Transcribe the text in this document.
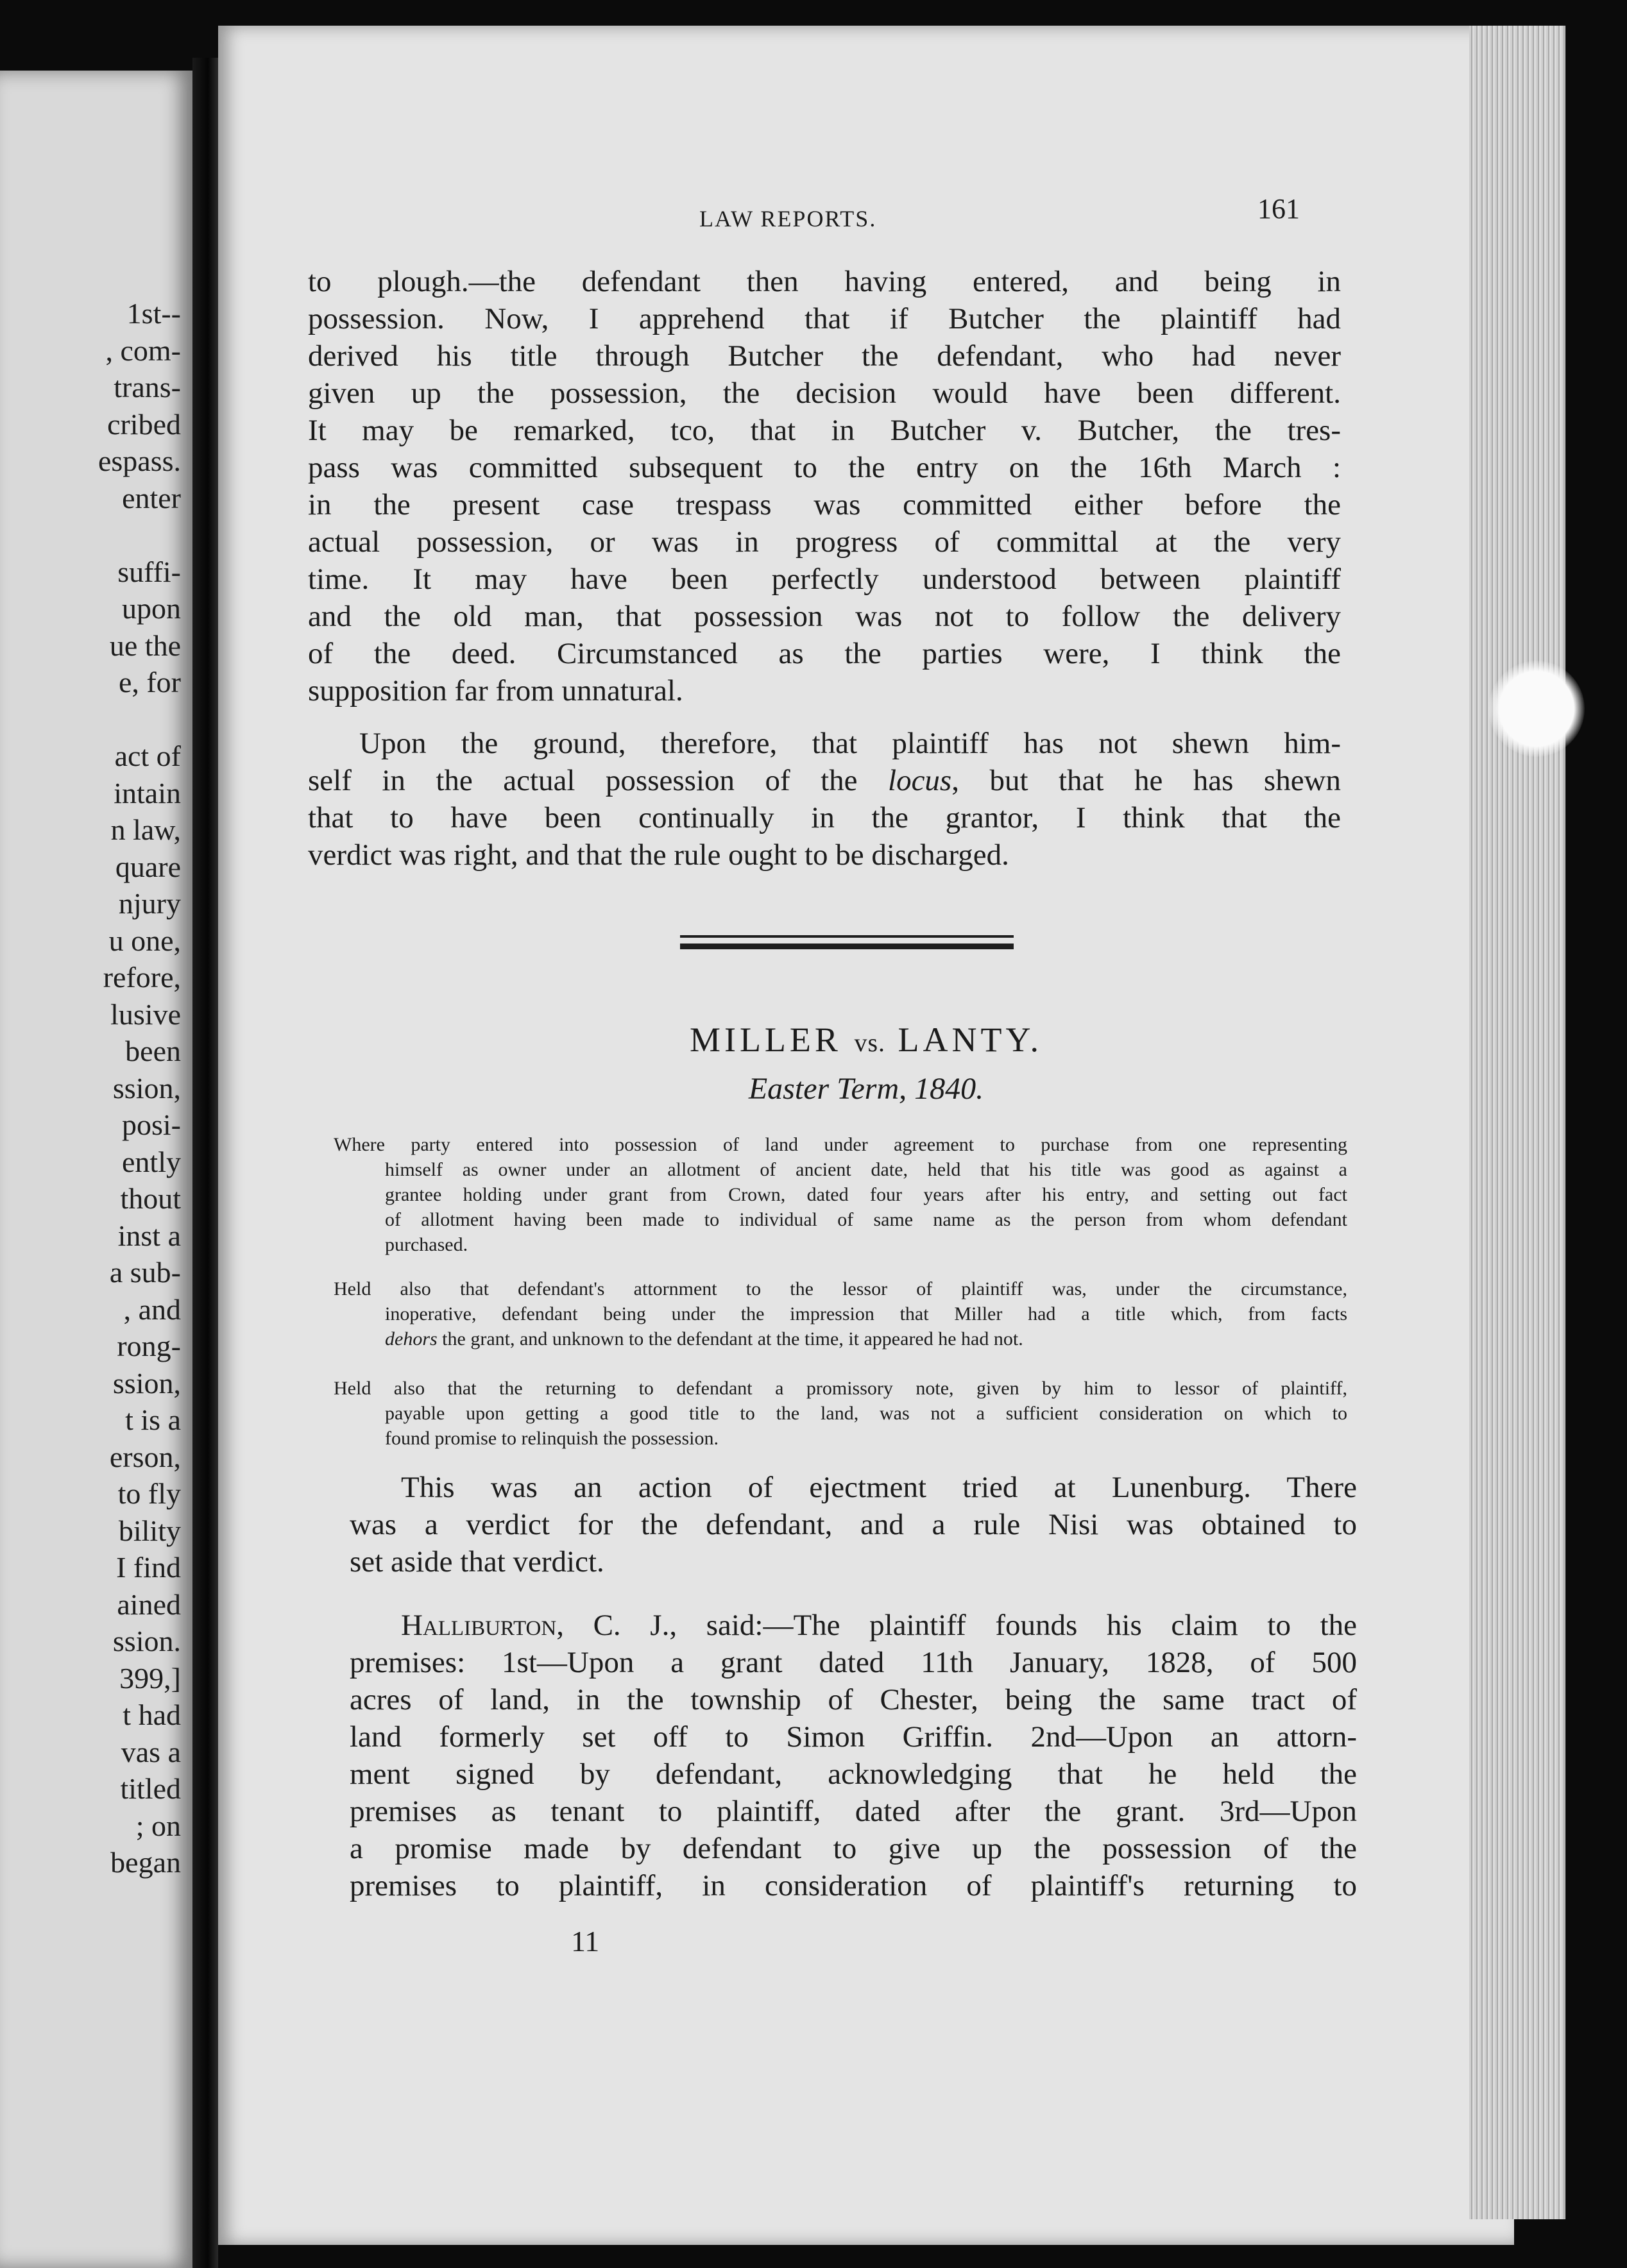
1st--
, com-
trans-
cribed
espass.
enter
suffi-
upon
ue the
e, for
act of
intain
n law,
quare
njury
u one,
refore,
lusive
been
ssion,
posi-
ently
thout
inst a
a sub-
, and
rong-
ssion,
t is a
erson,
to fly
bility
I find
ained
ssion.
399,]
t had
vas a
titled
; on
began
LAW REPORTS.	161
to plough.—the defendant then having entered, and being in
possession. Now, I apprehend that if Butcher the plaintiff had
derived his title through Butcher the defendant, who had never
given up the possession, the decision would have been different.
It may be remarked, tco, that in Butcher v. Butcher, the tres-
pass was committed subsequent to the entry on the 16th March :
in the present case trespass was committed either before the
actual possession, or was in progress of committal at the very
time. It may have been perfectly understood between plaintiff
and the old man, that possession was not to follow the delivery
of the deed. Circumstanced as the parties were, I think the
supposition far from unnatural.
Upon the ground, therefore, that plaintiff has not shewn him-
self in the actual possession of the locus, but that he has shewn
that to have been continually in the grantor, I think that the
verdict was right, and that the rule ought to be discharged.
MILLER vs. LANTY.
Easter Term, 1840.
Where party entered into possession of land under agreement to purchase from one representing
himself as owner under an allotment of ancient date, held that his title was good as against a
grantee holding under grant from Crown, dated four years after his entry, and setting out fact
of allotment having been made to individual of same name as the person from whom defendant
purchased.
Held also that defendant's attornment to the lessor of plaintiff was, under the circumstance,
inoperative, defendant being under the impression that Miller had a title which, from facts
dehors the grant, and unknown to the defendant at the time, it appeared he had not.
Held also that the returning to defendant a promissory note, given by him to lessor of plaintiff,
payable upon getting a good title to the land, was not a sufficient consideration on which to
found promise to relinquish the possession.
This was an action of ejectment tried at Lunenburg. There
was a verdict for the defendant, and a rule Nisi was obtained to
set aside that verdict.
Halliburton, C. J., said:—The plaintiff founds his claim to the
premises: 1st—Upon a grant dated 11th January, 1828, of 500
acres of land, in the township of Chester, being the same tract of
land formerly set off to Simon Griffin. 2nd—Upon an attorn-
ment signed by defendant, acknowledging that he held the
premises as tenant to plaintiff, dated after the grant. 3rd—Upon
a promise made by defendant to give up the possession of the
premises to plaintiff, in consideration of plaintiff's returning to
11
